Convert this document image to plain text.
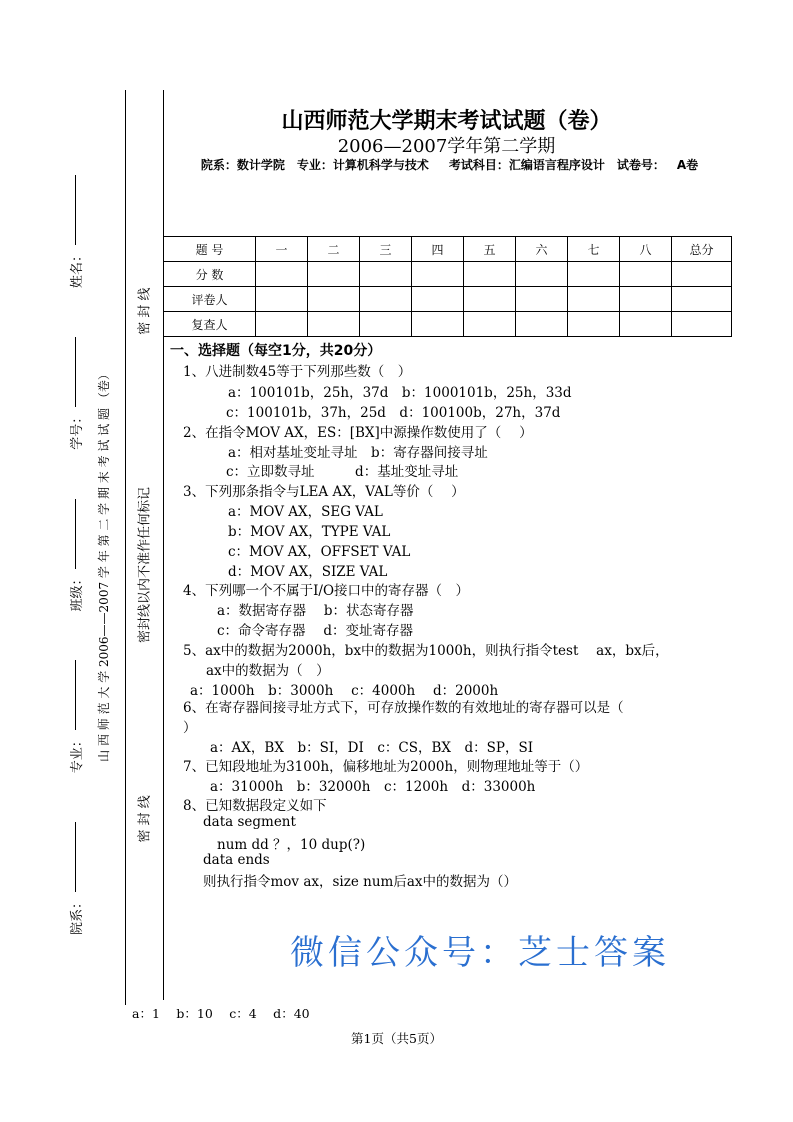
院系：
专业：
班级：
学号：
姓名：
山 西 师 范 大 学 2006——2007 学 年 第 二 学 期 末 考 试 试 题 （卷）
密 封 线
密封线以内不准作任何标记
密 封 线
山西师范大学期末考试试题（卷）
2006—2007学年第二学期
院系：数计学院 专业：计算机科学与技术 考试科目：汇编语言程序设计 试卷号： A卷
题 号	一	二	三	四	五	六	七	八	总分
分 数									
评卷人									
复查人									
一、选择题（每空1分，共20分）
1、八进制数45等于下列那些数（　）
a：100101b，25h，37d　b：1000101b，25h，33d
c：100101b，37h，25d　d：100100b，27h，37d
2、在指令MOV AX，ES：[BX]中源操作数使用了（　 ）
a：相对基址变址寻址　b：寄存器间接寻址
c：立即数寻址　　　d：基址变址寻址
3、下列那条指令与LEA AX，VAL等价（　 ）
a：MOV AX，SEG VAL
b：MOV AX，TYPE VAL
c：MOV AX，OFFSET VAL
d：MOV AX，SIZE VAL
4、下列哪一个不属于I/O接口中的寄存器（　）
a：数据寄存器　 b：状态寄存器
c：命令寄存器　 d：变址寄存器
5、ax中的数据为2000h，bx中的数据为1000h，则执行指令test　 ax，bx后，
ax中的数据为（　）
a：1000h　b：3000h　 c：4000h　 d：2000h
6、在寄存器间接寻址方式下，可存放操作数的有效地址的寄存器可以是（
）
a：AX，BX　b：SI，DI　c：CS，BX　d：SP，SI
7、已知段地址为3100h，偏移地址为2000h，则物理地址等于（）
a：31000h　b：32000h　c：1200h　d：33000h
8、已知数据段定义如下
data segment
num dd ？，10 dup(?)
data ends
则执行指令mov ax，size num后ax中的数据为（）
a：1　 b：10　 c：4　 d：40
第1页（共5页）
微信公众号：芝士答案
